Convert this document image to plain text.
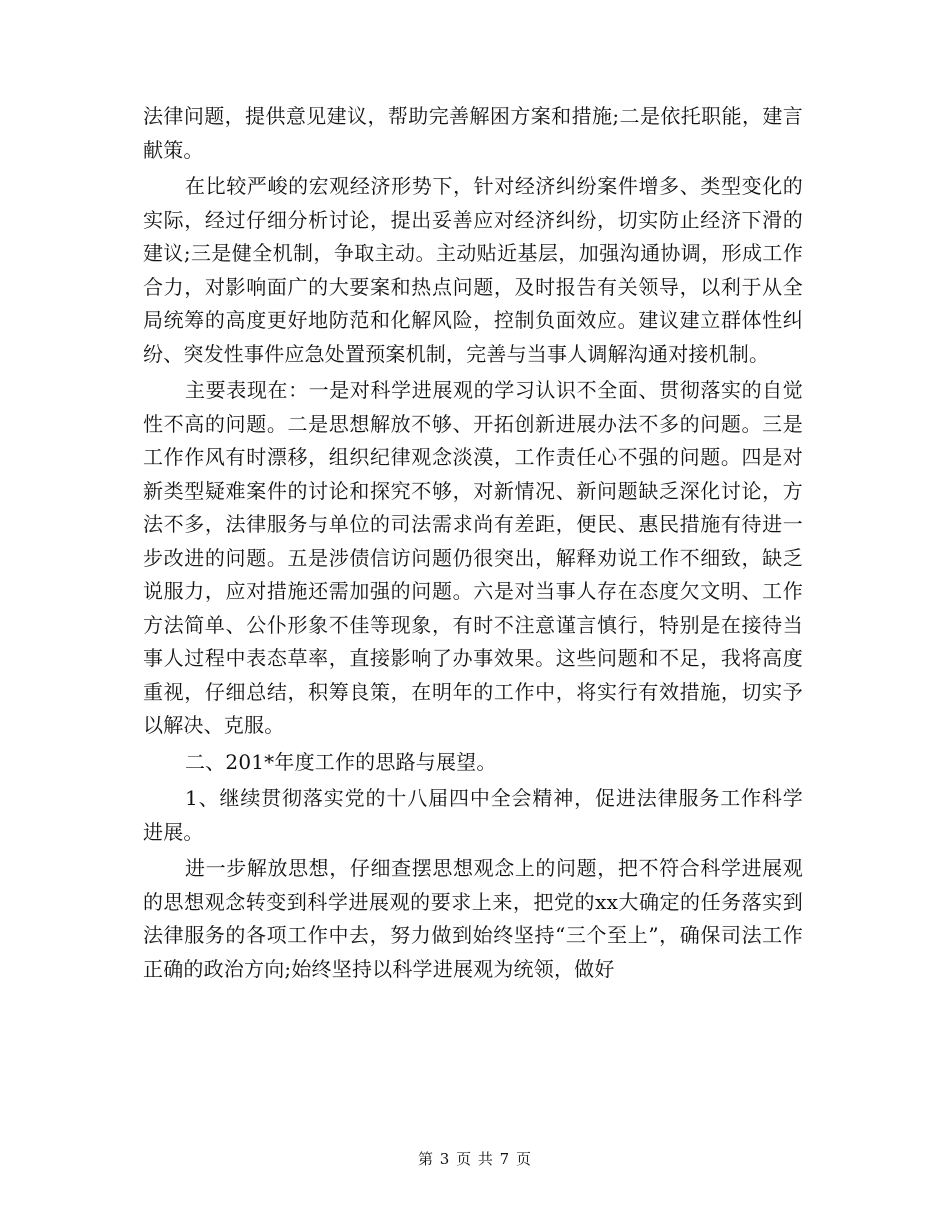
法律问题，提供意见建议，帮助完善解困方案和措施;二是依托职能，建言献策。

在比较严峻的宏观经济形势下，针对经济纠纷案件增多、类型变化的实际，经过仔细分析讨论，提出妥善应对经济纠纷，切实防止经济下滑的建议;三是健全机制，争取主动。主动贴近基层，加强沟通协调，形成工作合力，对影响面广的大要案和热点问题，及时报告有关领导，以利于从全局统筹的高度更好地防范和化解风险，控制负面效应。建议建立群体性纠纷、突发性事件应急处置预案机制，完善与当事人调解沟通对接机制。

主要表现在：一是对科学进展观的学习认识不全面、贯彻落实的自觉性不高的问题。二是思想解放不够、开拓创新进展办法不多的问题。三是工作作风有时漂移，组织纪律观念淡漠，工作责任心不强的问题。四是对新类型疑难案件的讨论和探究不够，对新情况、新问题缺乏深化讨论，方法不多，法律服务与单位的司法需求尚有差距，便民、惠民措施有待进一步改进的问题。五是涉债信访问题仍很突出，解释劝说工作不细致，缺乏说服力，应对措施还需加强的问题。六是对当事人存在态度欠文明、工作方法简单、公仆形象不佳等现象，有时不注意谨言慎行，特别是在接待当事人过程中表态草率，直接影响了办事效果。这些问题和不足，我将高度重视，仔细总结，积筹良策，在明年的工作中，将实行有效措施，切实予以解决、克服。

二、201*年度工作的思路与展望。

1、继续贯彻落实党的十八届四中全会精神，促进法律服务工作科学进展。

进一步解放思想，仔细查摆思想观念上的问题，把不符合科学进展观的思想观念转变到科学进展观的要求上来，把党的xx大确定的任务落实到法律服务的各项工作中去，努力做到始终坚持“三个至上”，确保司法工作正确的政治方向;始终坚持以科学进展观为统领，做好

第 3 页 共 7 页
